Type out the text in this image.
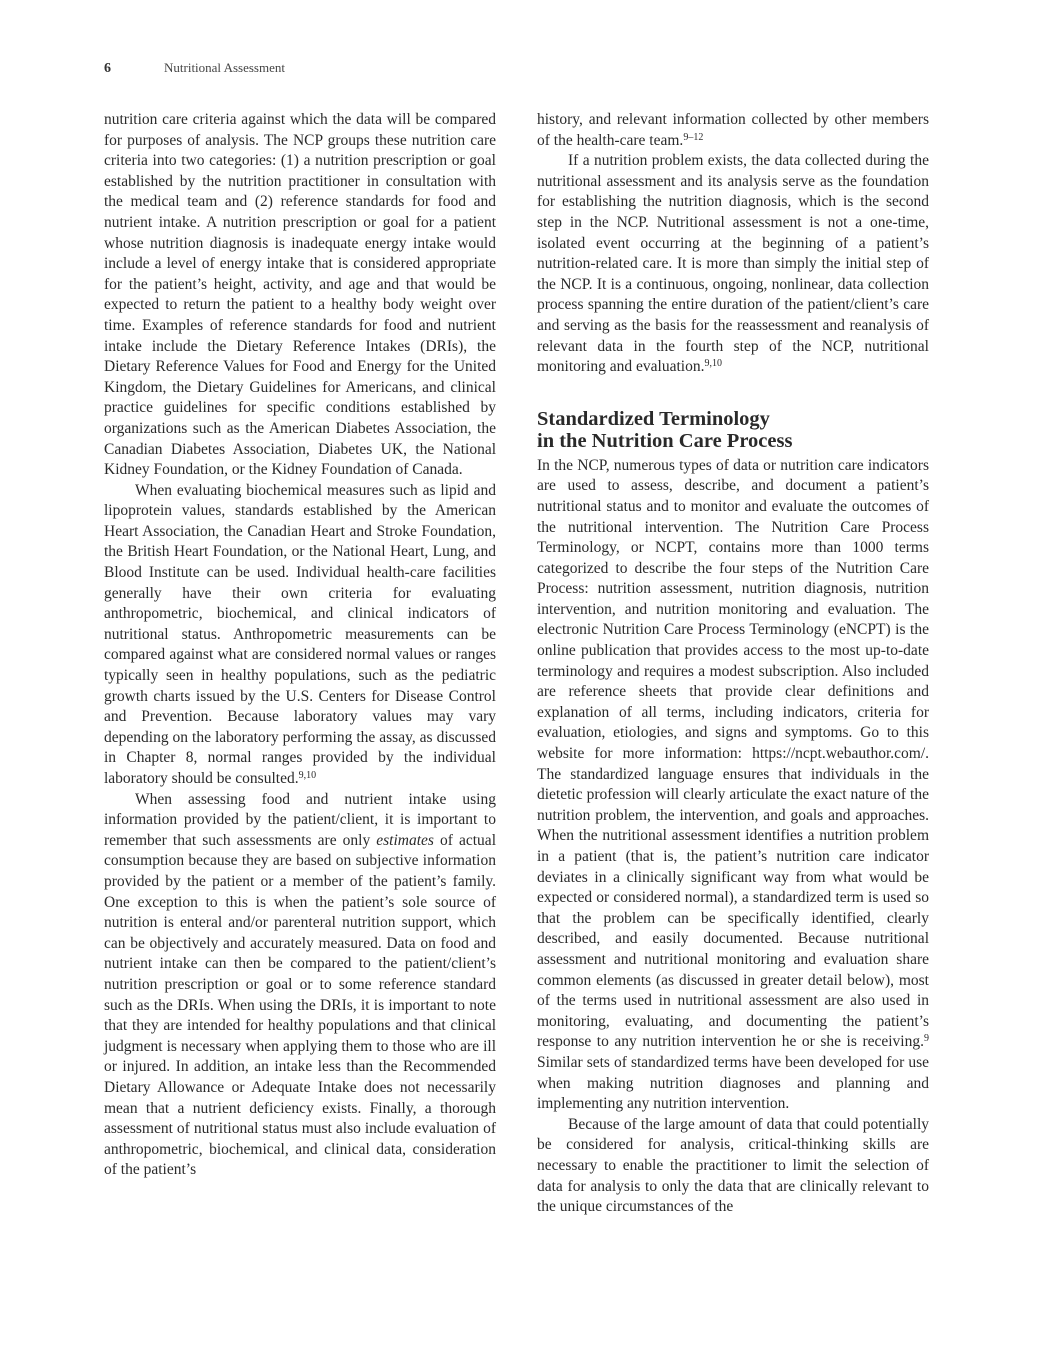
6	Nutritional Assessment

nutrition care criteria against which the data will be compared for purposes of analysis. The NCP groups these nutrition care criteria into two categories: (1) a nutrition prescription or goal established by the nutrition practitioner in consultation with the medical team and (2) reference standards for food and nutrient intake. A nutrition prescription or goal for a patient whose nutrition diagnosis is inadequate energy intake would include a level of energy intake that is considered appropriate for the patient’s height, activity, and age and that would be expected to return the patient to a healthy body weight over time. Examples of reference standards for food and nutrient intake include the Dietary Reference Intakes (DRIs), the Dietary Reference Values for Food and Energy for the United Kingdom, the Dietary Guidelines for Americans, and clinical practice guidelines for specific conditions established by organizations such as the American Diabetes Association, the Canadian Diabetes Association, Diabetes UK, the National Kidney Foundation, or the Kidney Foundation of Canada.

When evaluating biochemical measures such as lipid and lipoprotein values, standards established by the American Heart Association, the Canadian Heart and Stroke Foundation, the British Heart Foundation, or the National Heart, Lung, and Blood Institute can be used. Individual health-care facilities generally have their own criteria for evaluating anthropometric, biochemical, and clinical indicators of nutritional status. Anthropometric measurements can be compared against what are considered normal values or ranges typically seen in healthy populations, such as the pediatric growth charts issued by the U.S. Centers for Disease Control and Prevention. Because laboratory values may vary depending on the laboratory performing the assay, as discussed in Chapter 8, normal ranges provided by the individual laboratory should be consulted.$^{9,10}$

When assessing food and nutrient intake using information provided by the patient/client, it is important to remember that such assessments are only estimates of actual consumption because they are based on subjective information provided by the patient or a member of the patient’s family. One exception to this is when the patient’s sole source of nutrition is enteral and/or parenteral nutrition support, which can be objectively and accurately measured. Data on food and nutrient intake can then be compared to the patient/client’s nutrition prescription or goal or to some reference standard such as the DRIs. When using the DRIs, it is important to note that they are intended for healthy populations and that clinical judgment is necessary when applying them to those who are ill or injured. In addition, an intake less than the Recommended Dietary Allowance or Adequate Intake does not necessarily mean that a nutrient deficiency exists. Finally, a thorough assessment of nutritional status must also include evaluation of anthropometric, biochemical, and clinical data, consideration of the patient’s

history, and relevant information collected by other members of the health-care team.$^{9-12}$

If a nutrition problem exists, the data collected during the nutritional assessment and its analysis serve as the foundation for establishing the nutrition diagnosis, which is the second step in the NCP. Nutritional assessment is not a one-time, isolated event occurring at the beginning of a patient’s nutrition-related care. It is more than simply the initial step of the NCP. It is a continuous, ongoing, nonlinear, data collection process spanning the entire duration of the patient/client’s care and serving as the basis for the reassessment and reanalysis of relevant data in the fourth step of the NCP, nutritional monitoring and evaluation.$^{9,10}$

Standardized Terminology
in the Nutrition Care Process

In the NCP, numerous types of data or nutrition care indicators are used to assess, describe, and document a patient’s nutritional status and to monitor and evaluate the outcomes of the nutritional intervention. The Nutrition Care Process Terminology, or NCPT, contains more than 1000 terms categorized to describe the four steps of the Nutrition Care Process: nutrition assessment, nutrition diagnosis, nutrition intervention, and nutrition monitoring and evaluation. The electronic Nutrition Care Process Terminology (eNCPT) is the online publication that provides access to the most up-to-date terminology and requires a modest subscription. Also included are reference sheets that provide clear definitions and explanation of all terms, including indicators, criteria for evaluation, etiologies, and signs and symptoms. Go to this website for more information: https://ncpt.webauthor.com/. The standardized language ensures that individuals in the dietetic profession will clearly articulate the exact nature of the nutrition problem, the intervention, and goals and approaches. When the nutritional assessment identifies a nutrition problem in a patient (that is, the patient’s nutrition care indicator deviates in a clinically significant way from what would be expected or considered normal), a standardized term is used so that the problem can be specifically identified, clearly described, and easily documented. Because nutritional assessment and nutritional monitoring and evaluation share common elements (as discussed in greater detail below), most of the terms used in nutritional assessment are also used in monitoring, evaluating, and documenting the patient’s response to any nutrition intervention he or she is receiving.$^9$ Similar sets of standardized terms have been developed for use when making nutrition diagnoses and planning and implementing any nutrition intervention.

Because of the large amount of data that could potentially be considered for analysis, critical-thinking skills are necessary to enable the practitioner to limit the selection of data for analysis to only the data that are clinically relevant to the unique circumstances of the
